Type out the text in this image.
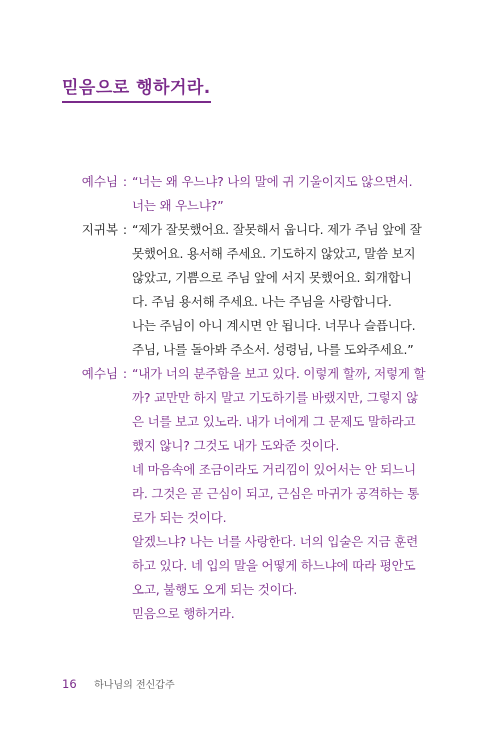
믿음으로 행하거라.
예수님 : “너는 왜 우느냐? 나의 말에 귀 기울이지도 않으면서.
너는 왜 우느냐?”
지귀복 : “제가 잘못했어요. 잘못해서 웁니다. 제가 주님 앞에 잘
못했어요. 용서해 주세요. 기도하지 않았고, 말씀 보지
않았고, 기쁨으로 주님 앞에 서지 못했어요. 회개합니
다. 주님 용서해 주세요. 나는 주님을 사랑합니다.
나는 주님이 아니 계시면 안 됩니다. 너무나 슬픕니다.
주님, 나를 돌아봐 주소서. 성령님, 나를 도와주세요.”
예수님 : “내가 너의 분주함을 보고 있다. 이렇게 할까, 저렇게 할
까? 교만만 하지 말고 기도하기를 바랬지만, 그렇지 않
은 너를 보고 있노라. 내가 너에게 그 문제도 말하라고
했지 않니? 그것도 내가 도와준 것이다.
네 마음속에 조금이라도 거리낌이 있어서는 안 되느니
라. 그것은 곧 근심이 되고, 근심은 마귀가 공격하는 통
로가 되는 것이다.
알겠느냐? 나는 너를 사랑한다. 너의 입술은 지금 훈련
하고 있다. 네 입의 말을 어떻게 하느냐에 따라 평안도
오고, 불행도 오게 되는 것이다.
믿음으로 행하거라.
16 하나님의 전신갑주
